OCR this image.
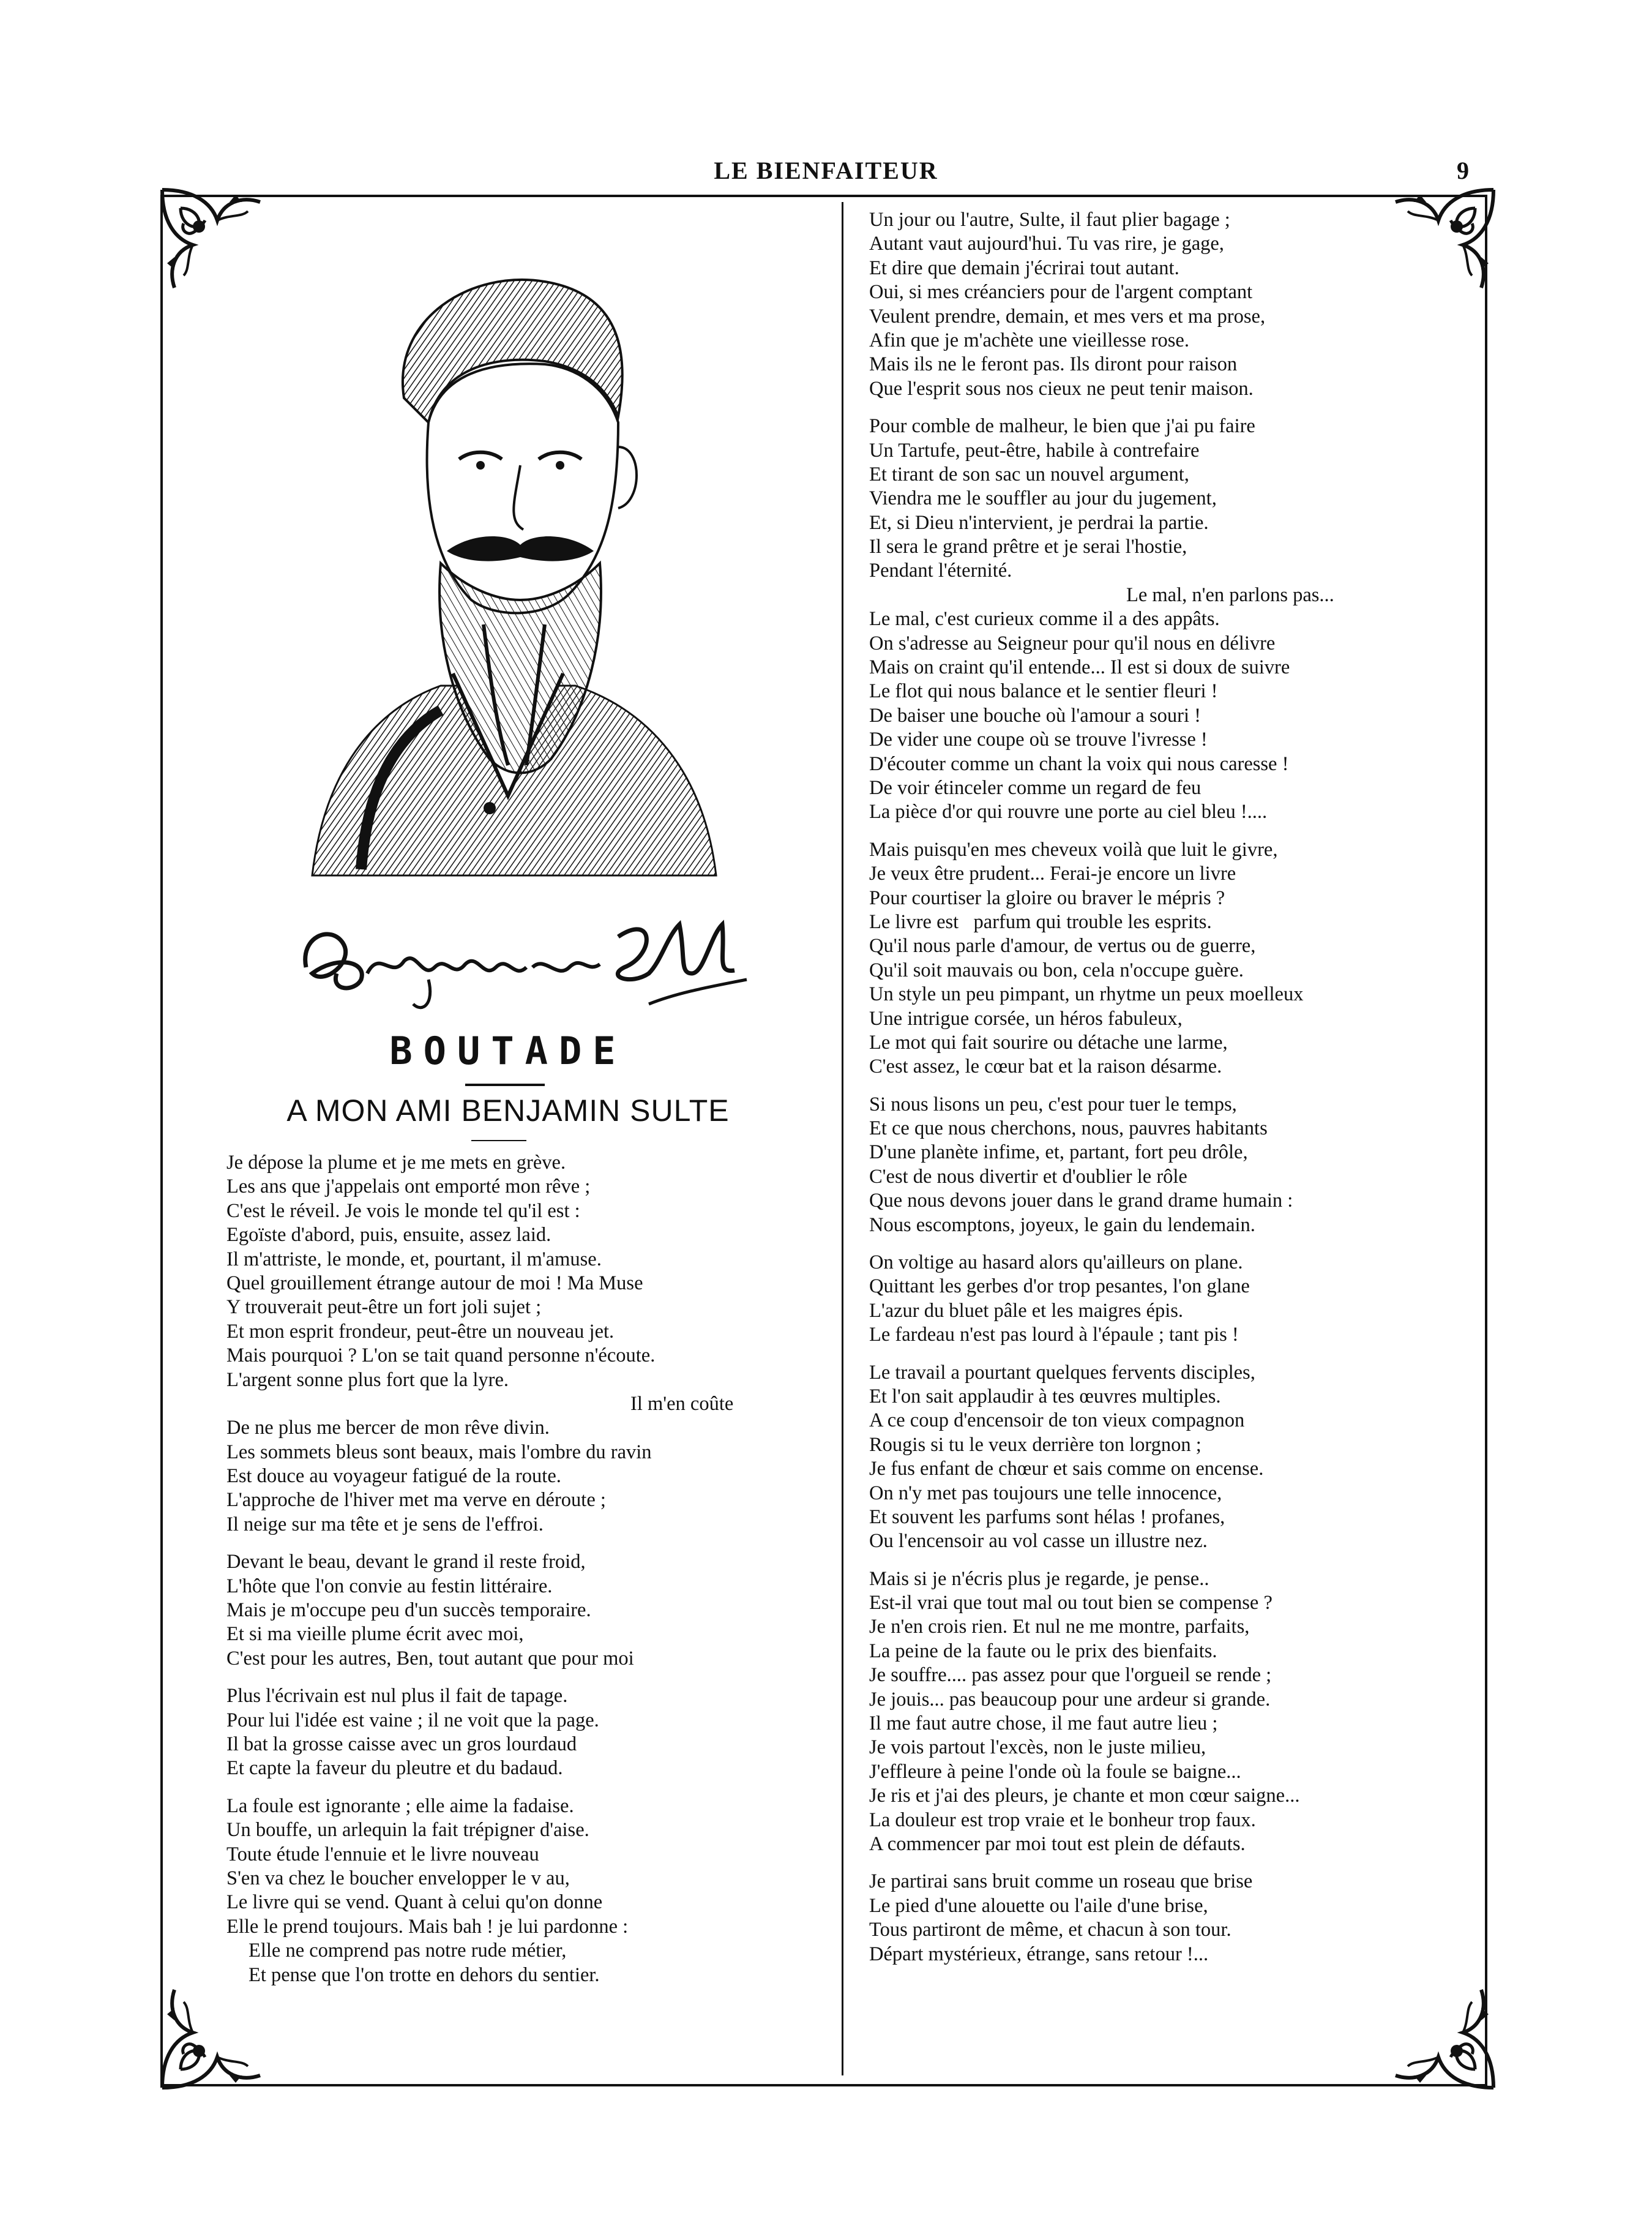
LE BIENFAITEUR	9
BOUTADE
A MON AMI BENJAMIN SULTE
Je dépose la plume et je me mets en grève.
Les ans que j'appelais ont emporté mon rêve ;
C'est le réveil. Je vois le monde tel qu'il est :
Egoïste d'abord, puis, ensuite, assez laid.
Il m'attriste, le monde, et, pourtant, il m'amuse.
Quel grouillement étrange autour de moi ! Ma Muse
Y trouverait peut-être un fort joli sujet ;
Et mon esprit frondeur, peut-être un nouveau jet.
Mais pourquoi ? L'on se tait quand personne n'écoute.
L'argent sonne plus fort que la lyre.
Il m'en coûte
De ne plus me bercer de mon rêve divin.
Les sommets bleus sont beaux, mais l'ombre du ravin
Est douce au voyageur fatigué de la route.
L'approche de l'hiver met ma verve en déroute ;
Il neige sur ma tête et je sens de l'effroi.
Devant le beau, devant le grand il reste froid,
L'hôte que l'on convie au festin littéraire.
Mais je m'occupe peu d'un succès temporaire.
Et si ma vieille plume écrit avec moi,
C'est pour les autres, Ben, tout autant que pour moi
Plus l'écrivain est nul plus il fait de tapage.
Pour lui l'idée est vaine ; il ne voit que la page.
Il bat la grosse caisse avec un gros lourdaud
Et capte la faveur du pleutre et du badaud.
La foule est ignorante ; elle aime la fadaise.
Un bouffe, un arlequin la fait trépigner d'aise.
Toute étude l'ennuie et le livre nouveau
S'en va chez le boucher envelopper le v au,
Le livre qui se vend. Quant à celui qu'on donne
Elle le prend toujours. Mais bah ! je lui pardonne :
Elle ne comprend pas notre rude métier,
Et pense que l'on trotte en dehors du sentier.
Un jour ou l'autre, Sulte, il faut plier bagage ;
Autant vaut aujourd'hui. Tu vas rire, je gage,
Et dire que demain j'écrirai tout autant.
Oui, si mes créanciers pour de l'argent comptant
Veulent prendre, demain, et mes vers et ma prose,
Afin que je m'achète une vieillesse rose.
Mais ils ne le feront pas. Ils diront pour raison
Que l'esprit sous nos cieux ne peut tenir maison.
Pour comble de malheur, le bien que j'ai pu faire
Un Tartufe, peut-être, habile à contrefaire
Et tirant de son sac un nouvel argument,
Viendra me le souffler au jour du jugement,
Et, si Dieu n'intervient, je perdrai la partie.
Il sera le grand prêtre et je serai l'hostie,
Pendant l'éternité.
Le mal, n'en parlons pas...
Le mal, c'est curieux comme il a des appâts.
On s'adresse au Seigneur pour qu'il nous en délivre
Mais on craint qu'il entende... Il est si doux de suivre
Le flot qui nous balance et le sentier fleuri !
De baiser une bouche où l'amour a souri !
De vider une coupe où se trouve l'ivresse !
D'écouter comme un chant la voix qui nous caresse !
De voir étinceler comme un regard de feu
La pièce d'or qui rouvre une porte au ciel bleu !....
Mais puisqu'en mes cheveux voilà que luit le givre,
Je veux être prudent... Ferai-je encore un livre
Pour courtiser la gloire ou braver le mépris ?
Le livre est   parfum qui trouble les esprits.
Qu'il nous parle d'amour, de vertus ou de guerre,
Qu'il soit mauvais ou bon, cela n'occupe guère.
Un style un peu pimpant, un rhytme un peux moelleux
Une intrigue corsée, un héros fabuleux,
Le mot qui fait sourire ou détache une larme,
C'est assez, le cœur bat et la raison désarme.
Si nous lisons un peu, c'est pour tuer le temps,
Et ce que nous cherchons, nous, pauvres habitants
D'une planète infime, et, partant, fort peu drôle,
C'est de nous divertir et d'oublier le rôle
Que nous devons jouer dans le grand drame humain :
Nous escomptons, joyeux, le gain du lendemain.
On voltige au hasard alors qu'ailleurs on plane.
Quittant les gerbes d'or trop pesantes, l'on glane
L'azur du bluet pâle et les maigres épis.
Le fardeau n'est pas lourd à l'épaule ; tant pis !
Le travail a pourtant quelques fervents disciples,
Et l'on sait applaudir à tes œuvres multiples.
A ce coup d'encensoir de ton vieux compagnon
Rougis si tu le veux derrière ton lorgnon ;
Je fus enfant de chœur et sais comme on encense.
On n'y met pas toujours une telle innocence,
Et souvent les parfums sont hélas ! profanes,
Ou l'encensoir au vol casse un illustre nez.
Mais si je n'écris plus je regarde, je pense..
Est-il vrai que tout mal ou tout bien se compense ?
Je n'en crois rien. Et nul ne me montre, parfaits,
La peine de la faute ou le prix des bienfaits.
Je souffre.... pas assez pour que l'orgueil se rende ;
Je jouis... pas beaucoup pour une ardeur si grande.
Il me faut autre chose, il me faut autre lieu ;
Je vois partout l'excès, non le juste milieu,
J'effleure à peine l'onde où la foule se baigne...
Je ris et j'ai des pleurs, je chante et mon cœur saigne...
La douleur est trop vraie et le bonheur trop faux.
A commencer par moi tout est plein de défauts.
Je partirai sans bruit comme un roseau que brise
Le pied d'une alouette ou l'aile d'une brise,
Tous partiront de même, et chacun à son tour.
Départ mystérieux, étrange, sans retour !...
